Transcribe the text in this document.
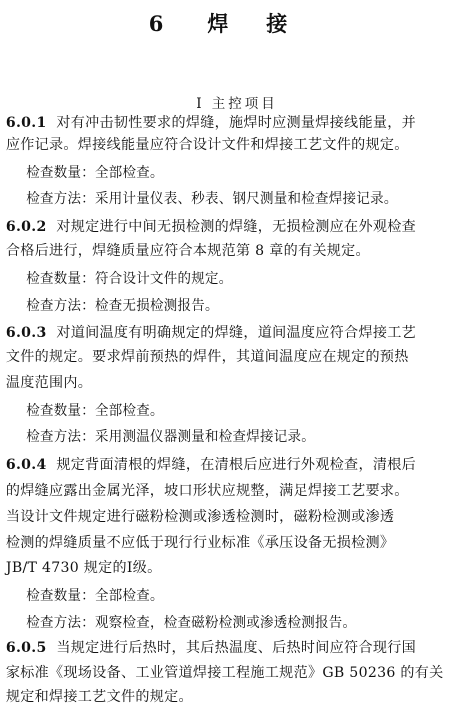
6 焊接
Ⅰ 主控项目
6.0.1 对有冲击韧性要求的焊缝，施焊时应测量焊接线能量，并
应作记录。焊接线能量应符合设计文件和焊接工艺文件的规定。
检查数量：全部检查。
检查方法：采用计量仪表、秒表、钢尺测量和检查焊接记录。
6.0.2 对规定进行中间无损检测的焊缝，无损检测应在外观检查
合格后进行，焊缝质量应符合本规范第 8 章的有关规定。
检查数量：符合设计文件的规定。
检查方法：检查无损检测报告。
6.0.3 对道间温度有明确规定的焊缝，道间温度应符合焊接工艺
文件的规定。要求焊前预热的焊件，其道间温度应在规定的预热
温度范围内。
检查数量：全部检查。
检查方法：采用测温仪器测量和检查焊接记录。
6.0.4 规定背面清根的焊缝，在清根后应进行外观检查，清根后
的焊缝应露出金属光泽，坡口形状应规整，满足焊接工艺要求。
当设计文件规定进行磁粉检测或渗透检测时，磁粉检测或渗透
检测的焊缝质量不应低于现行行业标准《承压设备无损检测》
JB/T 4730 规定的Ⅰ级。
检查数量：全部检查。
检查方法：观察检查，检查磁粉检测或渗透检测报告。
6.0.5 当规定进行后热时，其后热温度、后热时间应符合现行国
家标准《现场设备、工业管道焊接工程施工规范》GB 50236 的有关
规定和焊接工艺文件的规定。
